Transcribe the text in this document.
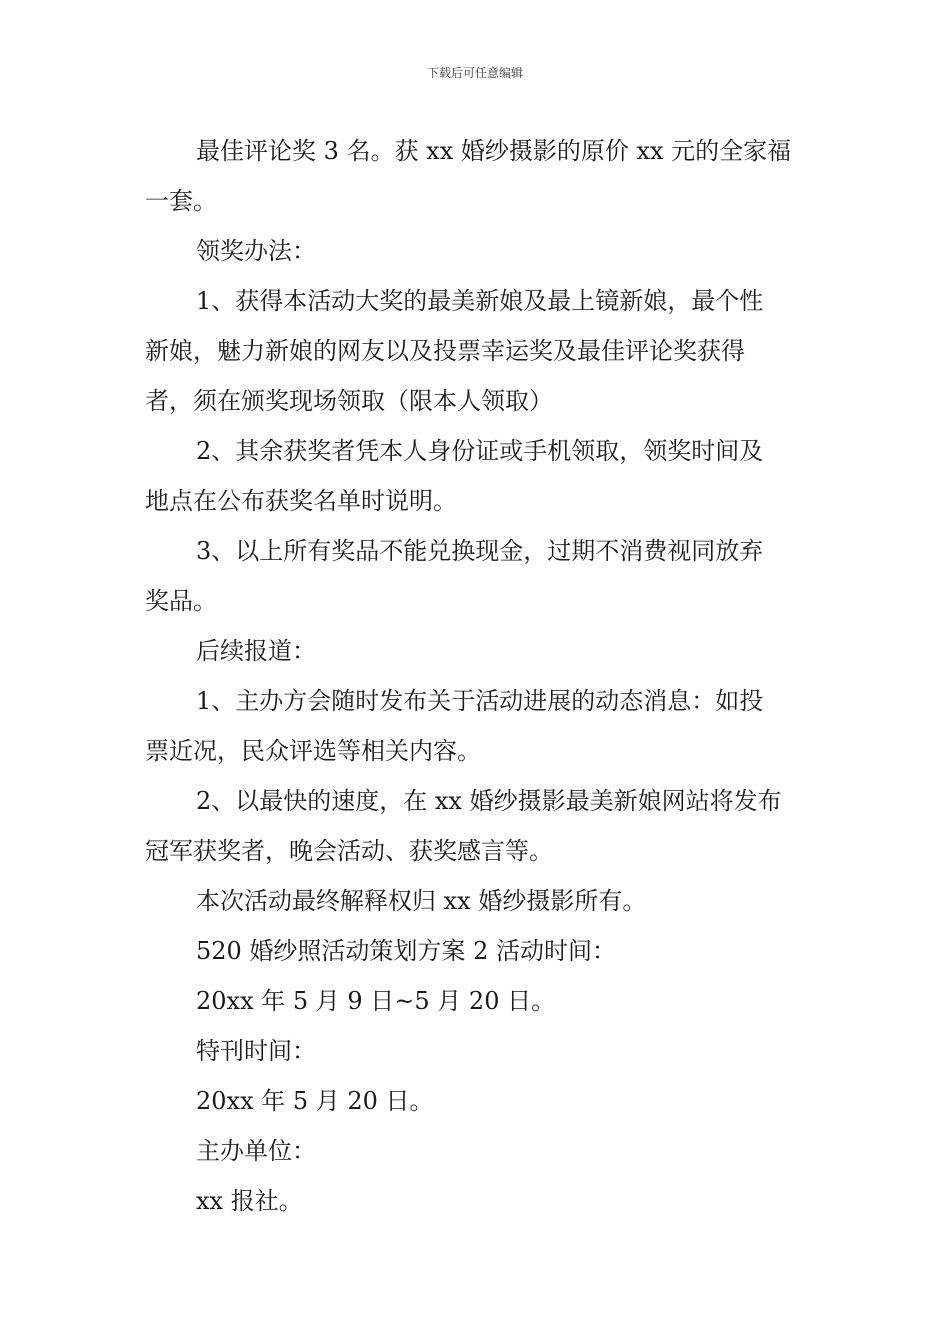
下载后可任意编辑
最佳评论奖 3 名。获 xx 婚纱摄影的原价 xx 元的全家福
一套。
领奖办法：
1、获得本活动大奖的最美新娘及最上镜新娘，最个性
新娘，魅力新娘的网友以及投票幸运奖及最佳评论奖获得
者，须在颁奖现场领取（限本人领取）
2、其余获奖者凭本人身份证或手机领取，领奖时间及
地点在公布获奖名单时说明。
3、以上所有奖品不能兑换现金，过期不消费视同放弃
奖品。
后续报道：
1、主办方会随时发布关于活动进展的动态消息：如投
票近况，民众评选等相关内容。
2、以最快的速度，在 xx 婚纱摄影最美新娘网站将发布
冠军获奖者，晚会活动、获奖感言等。
本次活动最终解释权归 xx 婚纱摄影所有。
520 婚纱照活动策划方案 2 活动时间：
20xx 年 5 月 9 日~5 月 20 日。
特刊时间：
20xx 年 5 月 20 日。
主办单位：
xx 报社。
